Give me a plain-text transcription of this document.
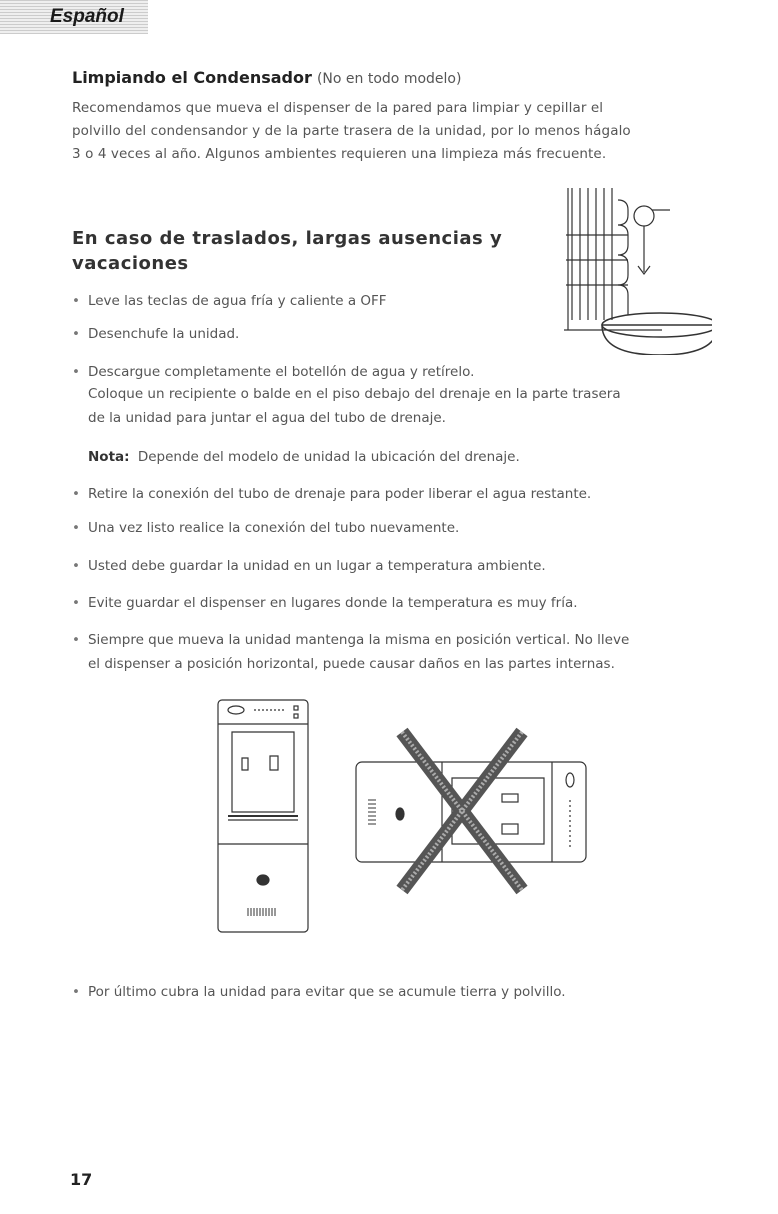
Español
Limpiando el Condensador (No en todo modelo)
Recomendamos que mueva el dispenser de la pared para limpiar y cepillar el
polvillo del condensandor y de la parte trasera de la unidad, por lo menos hágalo
3 o 4 veces al año. Algunos ambientes requieren una limpieza más frecuente.
En caso de traslados, largas ausencias y
vacaciones
• Leve las teclas de agua fría y caliente a OFF
• Desenchufe la unidad.
• Descargue completamente el botellón de agua y retírelo.
Coloque un recipiente o balde en el piso debajo del drenaje en la parte trasera
de la unidad para juntar el agua del tubo de drenaje.
Nota: Depende del modelo de unidad la ubicación del drenaje.
• Retire la conexión del tubo de drenaje para poder liberar el agua restante.
• Una vez listo realice la conexión del tubo nuevamente.
• Usted debe guardar la unidad en un lugar a temperatura ambiente.
• Evite guardar el dispenser en lugares donde la temperatura es muy fría.
• Siempre que mueva la unidad mantenga la misma en posición vertical. No lleve
el dispenser a posición horizontal, puede causar daños en las partes internas.
• Por último cubra la unidad para evitar que se acumule tierra y polvillo.
17
